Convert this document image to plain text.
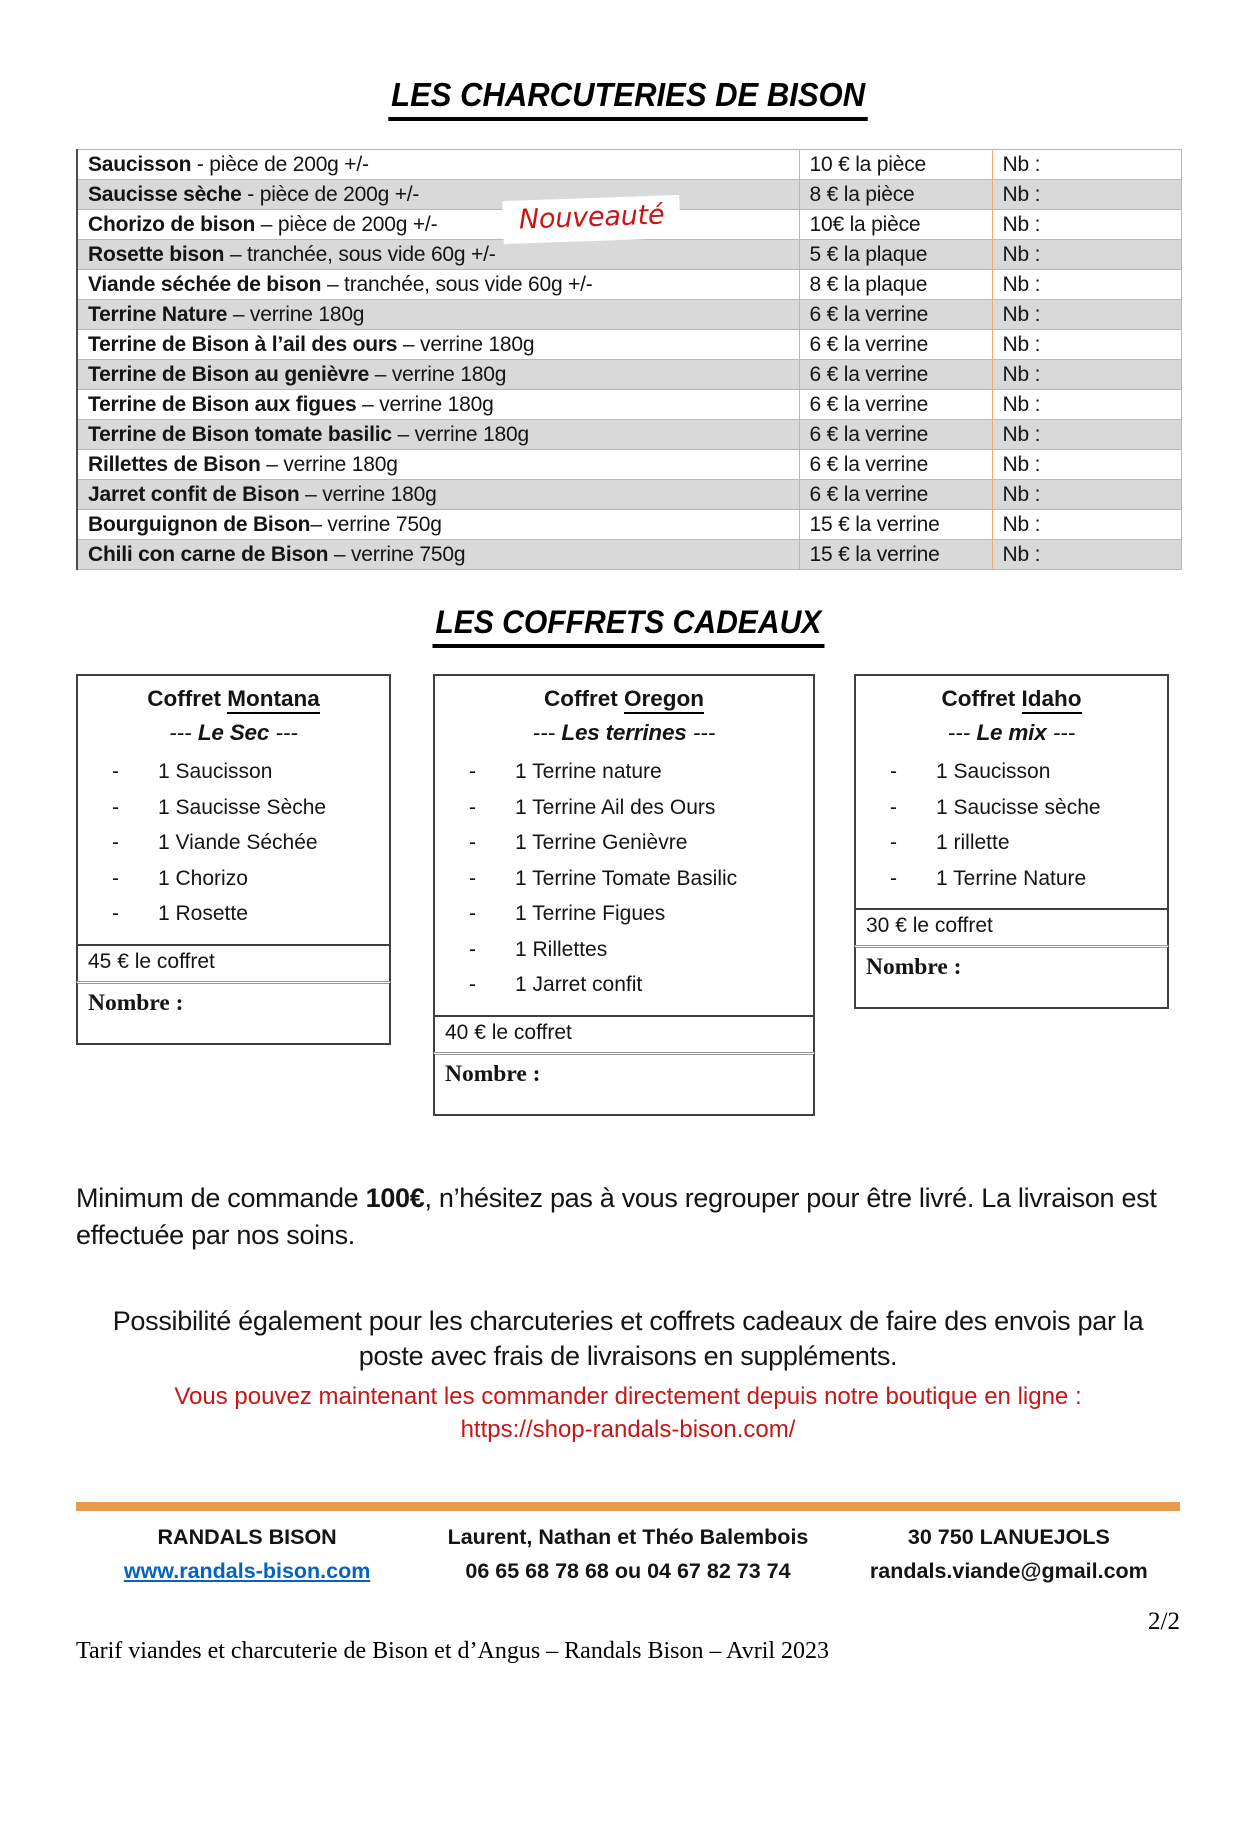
LES CHARCUTERIES DE BISON
Saucisson - pièce de 200g +/-	10 € la pièce	Nb :
Saucisse sèche - pièce de 200g +/-	8 € la pièce	Nb :
Chorizo de bison – pièce de 200g +/- Nouveauté	10€ la pièce	Nb :
Rosette bison – tranchée, sous vide 60g +/-	5 € la plaque	Nb :
Viande séchée de bison – tranchée, sous vide 60g +/-	8 € la plaque	Nb :
Terrine Nature – verrine 180g	6 € la verrine	Nb :
Terrine de Bison à l’ail des ours – verrine 180g	6 € la verrine	Nb :
Terrine de Bison au genièvre – verrine 180g	6 € la verrine	Nb :
Terrine de Bison aux figues – verrine 180g	6 € la verrine	Nb :
Terrine de Bison tomate basilic – verrine 180g	6 € la verrine	Nb :
Rillettes de Bison – verrine 180g	6 € la verrine	Nb :
Jarret confit de Bison – verrine 180g	6 € la verrine	Nb :
Bourguignon de Bison– verrine 750g	15 € la verrine	Nb :
Chili con carne de Bison – verrine 750g	15 € la verrine	Nb :
LES COFFRETS CADEAUX
Coffret Montana
--- Le Sec ---
-	1 Saucisson
-	1 Saucisse Sèche
-	1 Viande Séchée
-	1 Chorizo
-	1 Rosette
45 € le coffret
Nombre :
Coffret Oregon
--- Les terrines ---
-	1 Terrine nature
-	1 Terrine Ail des Ours
-	1 Terrine Genièvre
-	1 Terrine Tomate Basilic
-	1 Terrine Figues
-	1 Rillettes
-	1 Jarret confit
40 € le coffret
Nombre :
Coffret Idaho
--- Le mix ---
-	1 Saucisson
-	1 Saucisse sèche
-	1 rillette
-	1 Terrine Nature
30 € le coffret
Nombre :

Minimum de commande 100€, n’hésitez pas à vous regrouper pour être livré. La livraison est effectuée par nos soins.

Possibilité également pour les charcuteries et coffrets cadeaux de faire des envois par la poste avec frais de livraisons en suppléments.

Vous pouvez maintenant les commander directement depuis notre boutique en ligne :

https://shop-randals-bison.com/

RANDALS BISON
www.randals-bison.com
Laurent, Nathan et Théo Balembois
06 65 68 78 68 ou 04 67 82 73 74
30 750 LANUEJOLS
randals.viande@gmail.com
2/2
Tarif viandes et charcuterie de Bison et d’Angus – Randals Bison – Avril 2023
